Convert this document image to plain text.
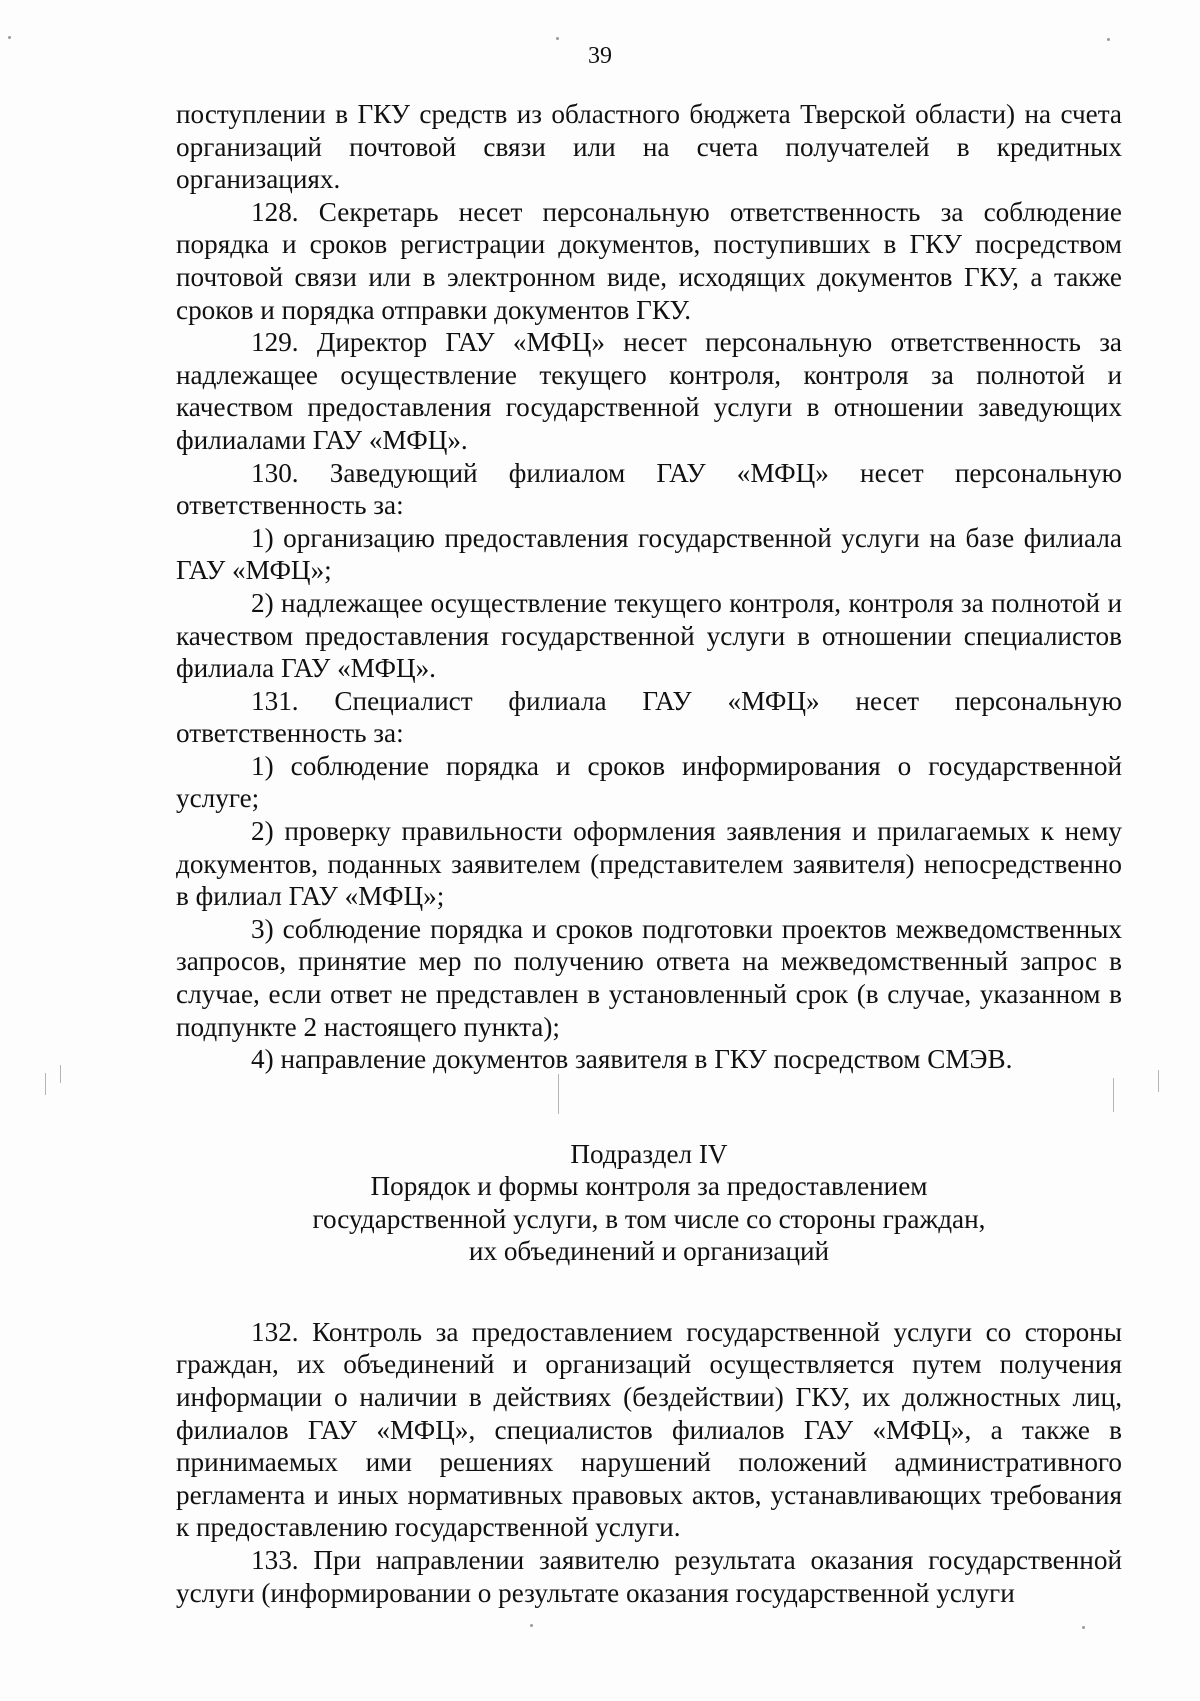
39

поступлении в ГКУ средств из областного бюджета Тверской области) на счета организаций почтовой связи или на счета получателей в кредитных организациях.

128. Секретарь несет персональную ответственность за соблюдение порядка и сроков регистрации документов, поступивших в ГКУ посредством почтовой связи или в электронном виде, исходящих документов ГКУ, а также сроков и порядка отправки документов ГКУ.

129. Директор ГАУ «МФЦ» несет персональную ответственность за надлежащее осуществление текущего контроля, контроля за полнотой и качеством предоставления государственной услуги в отношении заведующих филиалами ГАУ «МФЦ».

130. Заведующий филиалом ГАУ «МФЦ» несет персональную ответственность за:

1) организацию предоставления государственной услуги на базе филиала ГАУ «МФЦ»;

2) надлежащее осуществление текущего контроля, контроля за полнотой и качеством предоставления государственной услуги в отношении специалистов филиала ГАУ «МФЦ».

131. Специалист филиала ГАУ «МФЦ» несет персональную ответственность за:

1) соблюдение порядка и сроков информирования о государственной услуге;

2) проверку правильности оформления заявления и прилагаемых к нему документов, поданных заявителем (представителем заявителя) непосредственно в филиал ГАУ «МФЦ»;

3) соблюдение порядка и сроков подготовки проектов межведомственных запросов, принятие мер по получению ответа на межведомственный запрос в случае, если ответ не представлен в установленный срок (в случае, указанном в подпункте 2 настоящего пункта);

4) направление документов заявителя в ГКУ посредством СМЭВ.

Подраздел IV
Порядок и формы контроля за предоставлением
государственной услуги, в том числе со стороны граждан,
их объединений и организаций

132. Контроль за предоставлением государственной услуги со стороны граждан, их объединений и организаций осуществляется путем получения информации о наличии в действиях (бездействии) ГКУ, их должностных лиц, филиалов ГАУ «МФЦ», специалистов филиалов ГАУ «МФЦ», а также в принимаемых ими решениях нарушений положений административного регламента и иных нормативных правовых актов, устанавливающих требования к предоставлению государственной услуги.

133. При направлении заявителю результата оказания государственной услуги (информировании о результате оказания государственной услуги
